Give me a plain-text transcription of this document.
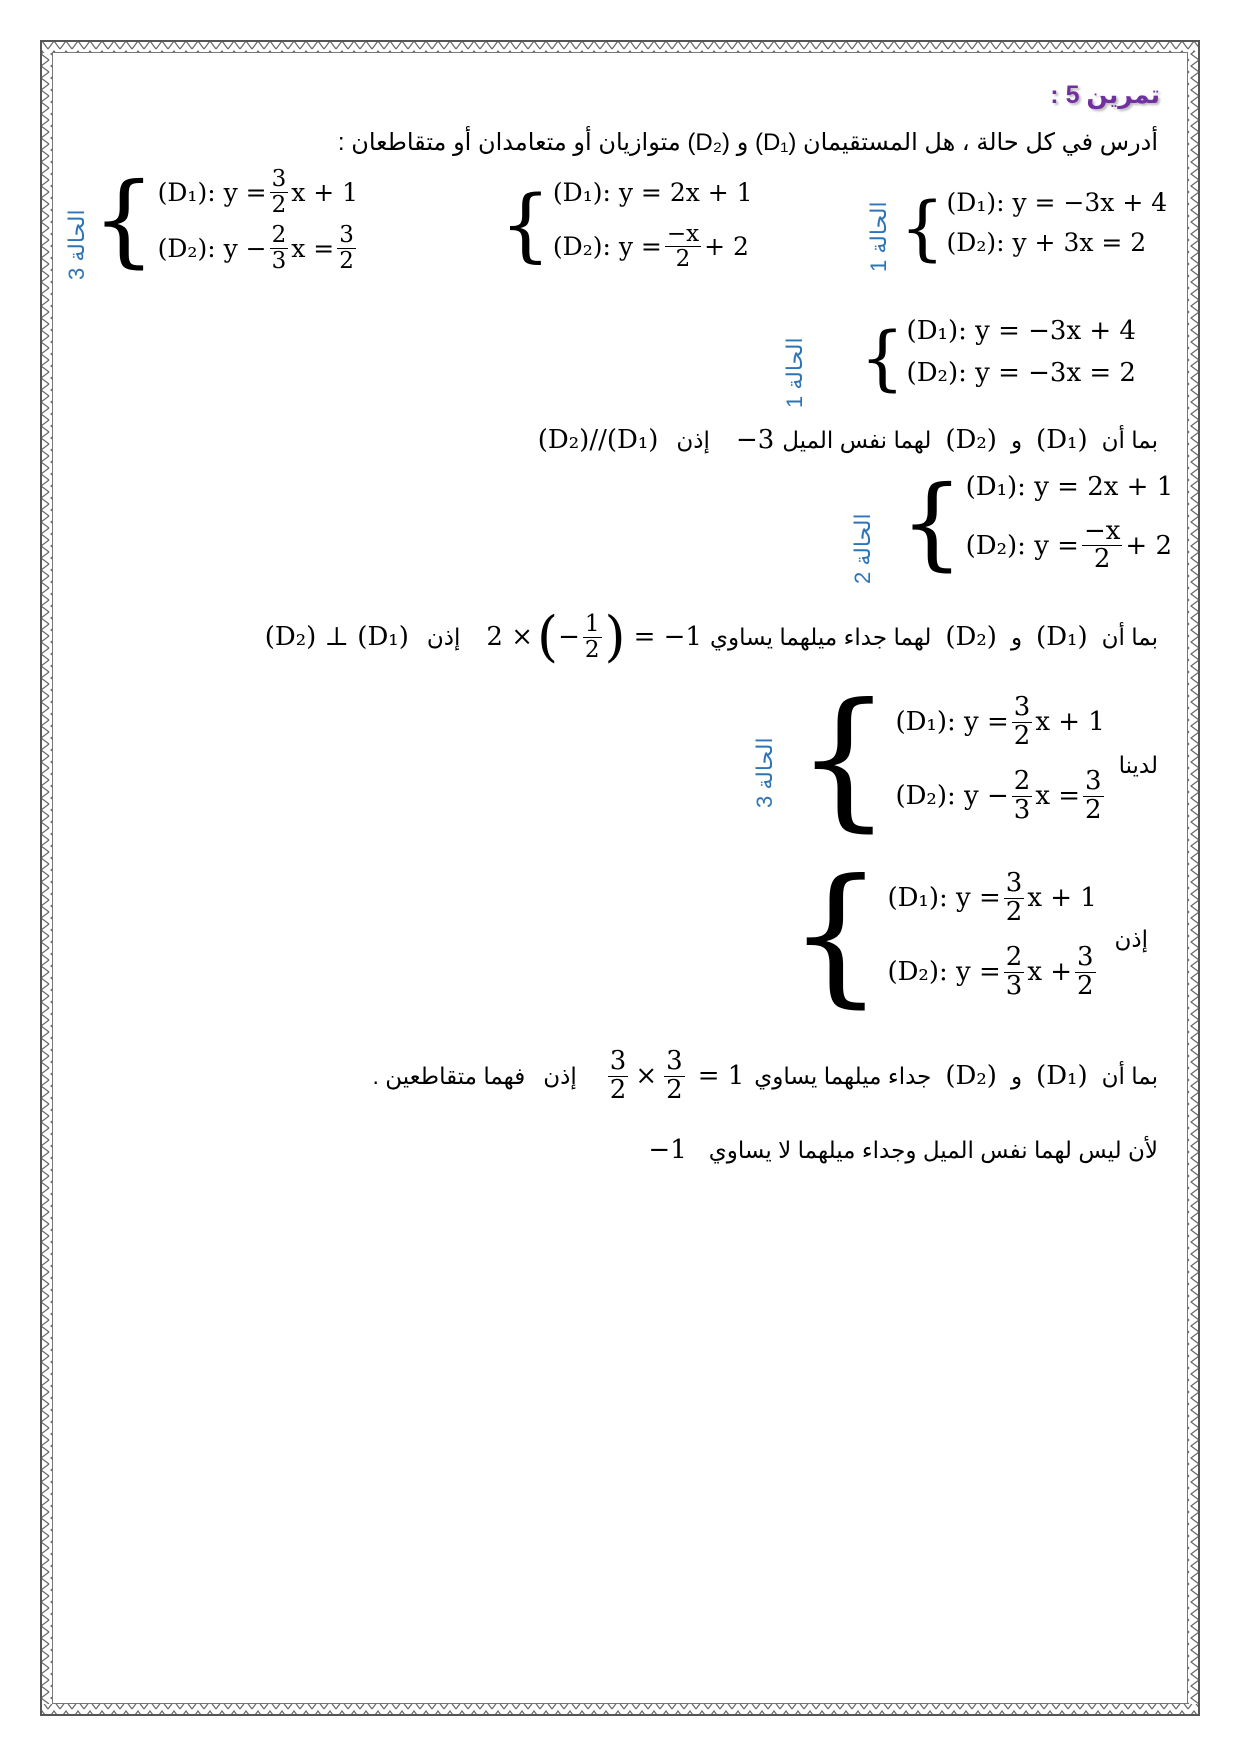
تمرين 5 :
أدرس في كل حالة ، هل المستقيمان (D₁) و (D₂) متوازيان أو متعامدان أو متقاطعان :
الحالة 1 { (D₁): y = −3x + 4
(D₂): y + 3x = 2
{ (D₁): y = 2x + 1
(D₂): $y = \frac{-x}{2} + 2$
الحالة 3 { (D₁): $y = \frac{3}{2}$ x + 1
(D₂): $y - \frac{2}{3}$ $x = \frac{3}{2}$
الحالة 1 { (D₁): y = −3x + 4
(D₂): y = −3x = 2
بما أن
(D₁)
و
(D₂)
لهما نفس الميل
−3
إذن
(D₂)//(D₁)
الحالة 2 { (D₁): y = 2x + 1
(D₂): $y = \frac{-x}{2} + 2$
بما أن
(D₁)
و
(D₂)
لهما جداء ميلهما يساوي
2 × ( − $\frac{1}{2}$ ) = −1
إذن
(D₂) ⊥ (D₁)
الحالة 3 { (D₁): $y = \frac{3}{2}$ x + 1
(D₂): $y - \frac{2}{3}$ $x = \frac{3}{2}$
لدينا
{ (D₁): $y = \frac{3}{2}$ x + 1
(D₂): $y = \frac{2}{3}$ $x + \frac{3}{2}$
إذن
بما أن
(D₁)
و
(D₂)
جداء ميلهما يساوي
$\frac{3}{2} \times \frac{3}{2} = 1$
إذن
فهما متقاطعين .
لأن ليس لهما نفس الميل وجداء ميلهما لا يساوي
−1
